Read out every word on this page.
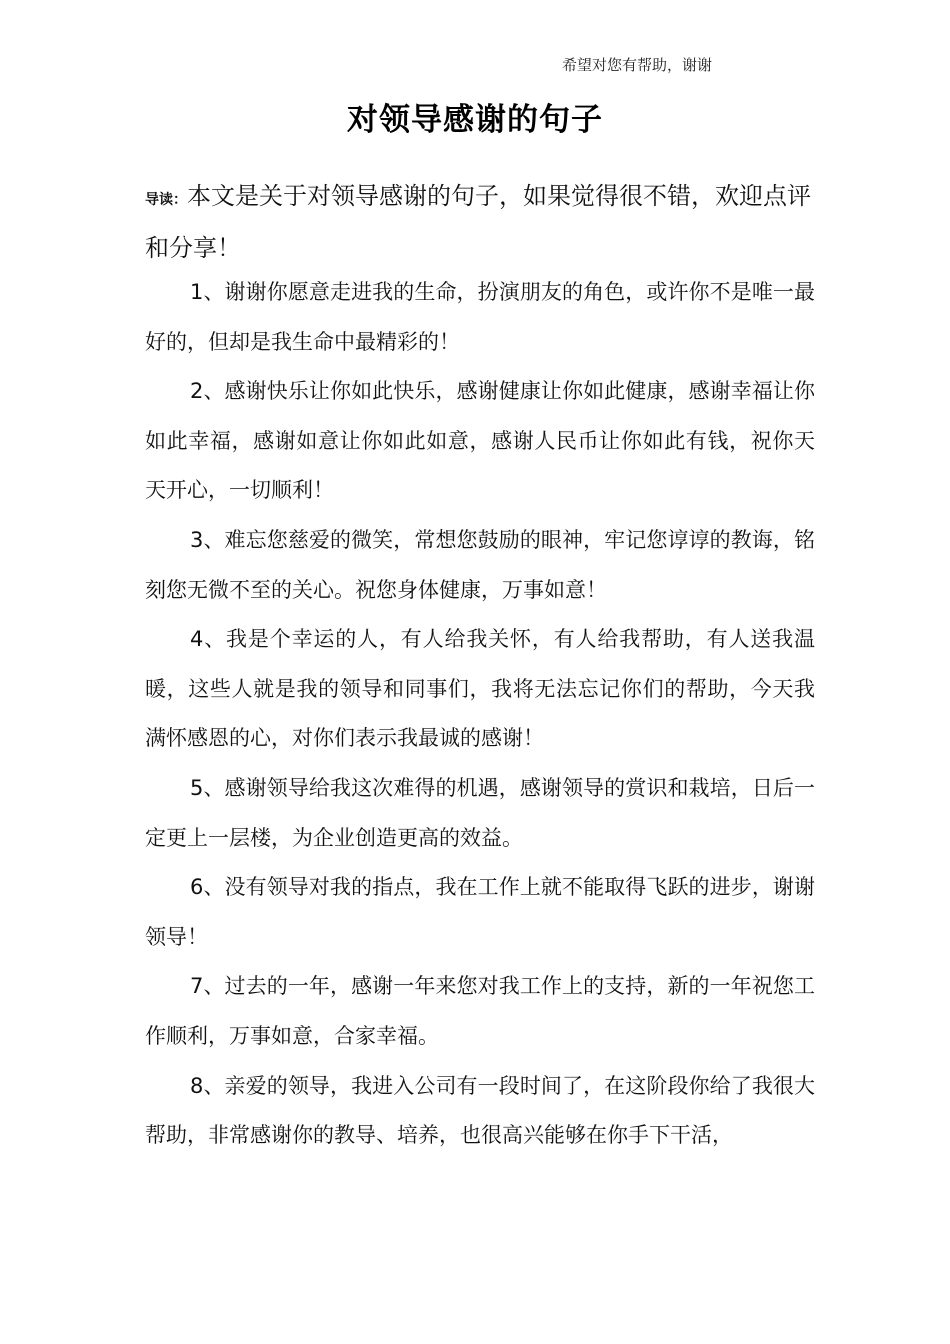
希望对您有帮助，谢谢
对领导感谢的句子
导读：本文是关于对领导感谢的句子，如果觉得很不错，欢迎点评和分享！

1、谢谢你愿意走进我的生命，扮演朋友的角色，或许你不是唯一最好的，但却是我生命中最精彩的！

2、感谢快乐让你如此快乐，感谢健康让你如此健康，感谢幸福让你如此幸福，感谢如意让你如此如意，感谢人民币让你如此有钱，祝你天天开心，一切顺利！

3、难忘您慈爱的微笑，常想您鼓励的眼神，牢记您谆谆的教诲，铭刻您无微不至的关心。祝您身体健康，万事如意！

4、我是个幸运的人，有人给我关怀，有人给我帮助，有人送我温暖，这些人就是我的领导和同事们，我将无法忘记你们的帮助，今天我满怀感恩的心，对你们表示我最诚的感谢！

5、感谢领导给我这次难得的机遇，感谢领导的赏识和栽培，日后一定更上一层楼，为企业创造更高的效益。

6、没有领导对我的指点，我在工作上就不能取得飞跃的进步，谢谢领导！

7、过去的一年，感谢一年来您对我工作上的支持，新的一年祝您工作顺利，万事如意，合家幸福。

8、亲爱的领导，我进入公司有一段时间了，在这阶段你给了我很大帮助，非常感谢你的教导、培养，也很高兴能够在你手下干活，
